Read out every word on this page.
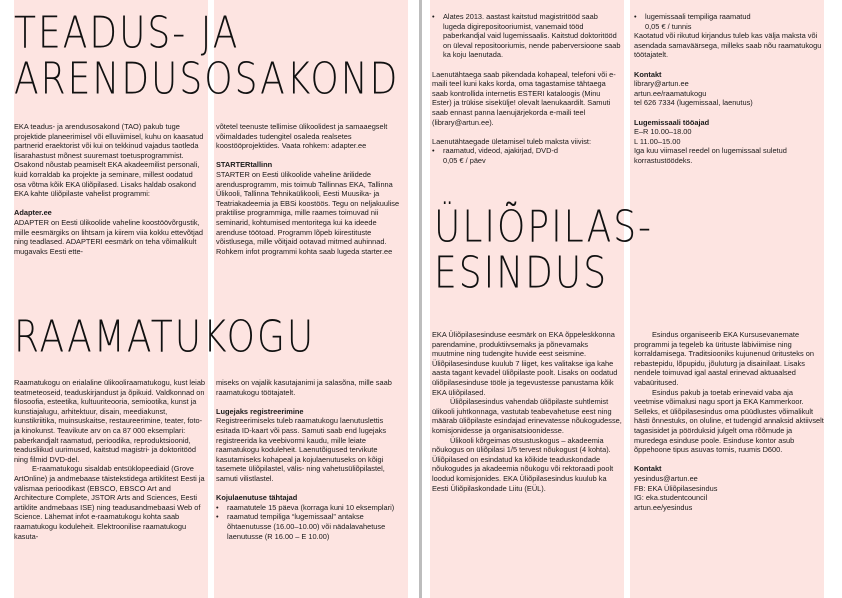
TEADUS- JA
ARENDUSOSAKOND

EKA teadus- ja arendusosakond (TAO) pakub tuge projektide planeerimisel või elluviimisel, kuhu on kaasatud partnerid eraektorist või kui on tekkinud vajadus taotleda lisarahastust mõnest suuremast toetusprogrammist. Osakond nõustab peamiselt EKA akadeemilist personali, kuid korraldab ka projekte ja seminare, millest oodatud osa võtma kõik EKA üliõpilased. Lisaks haldab osakond EKA kahte üliõpilaste vahelist programmi:

Adapter.ee

ADAPTER on Eesti ülikoolide vaheline koostöövõrgustik, mille eesmärgiks on lihtsam ja kiirem viia kokku ettevõtjad ning teadlased. ADAPTERI eesmärk on teha võimalikult mugavaks Eesti ette-

võtetel teenuste tellimise ülikoolidest ja samaaegselt võimaldades tudengitel osaleda realsetes koostööprojektides. Vaata rohkem: adapter.ee

STARTERtallinn

STARTER on Eesti ülikoolide vaheline ärilidede arendusprogramm, mis toimub Tallinnas EKA, Tallinna Ülikooli, Tallinna Tehnikaülikooli, Eesti Muusika- ja Teatriakadeemia ja EBSi koostöös. Tegu on neljakuulise praktilise programmiga, mille raames toimuvad nii seminarid, kohtumised mentoritega kui ka ideede arenduse töötoad. Programm lõpeb kiirestituste võistlusega, mille võitjaid ootavad mitmed auhinnad. Rohkem infot programmi kohta saab lugeda starter.ee

RAAMATUKOGU

Raamatukogu on erialaline ülikooliraamatukogu, kust leiab teatmeteoseid, teaduskirjandust ja õpikuid. Valdkonnad on filosoofia, esteetika, kultuuriteooria, semiootika, kunst ja kunstiajalugu, arhitektuur, disain, meediakunst, kunstikriitika, muinsuskaitse, restaureerimine, teater, foto- ja kinokunst. Teavikute arv on ca 87 000 eksemplari: paberkandjalt raamatud, perioodika, reproduktsioonid, teadusliikud uurimused, kaitstud magistri- ja doktoritööd ning filmid DVD-del.

E-raamatukogu sisaldab entsüklopeediaid (Grove ArtOnline) ja andmebaase täistekstidega artiklitest Eesti ja välismaa perioodikast (EBSCO, EBSCO Art and Architecture Complete, JSTOR Arts and Sciences, Eesti artiklite andmebaas ISE) ning teadusandmebaasi Web of Science. Lähemat infot e-raamatukogu kohta saab raamatukogu koduleheit. Elektroonilise raamatukogu kasuta-

miseks on vajalik kasutajanimi ja salasõna, mille saab raamatukogu töötajatelt.

Lugejaks registreerimine

Registreerimiseks tuleb raamatukogu laenutuslettis esitada ID-kaart või pass. Samuti saab end lugejaks registreerida ka veebivormi kaudu, mille leiate raamatukogu koduleheit. Laenutõigused tervikute kasutamiseks kohapeal ja kojulaenutuseks on kõigi tasemete üliõpilastel, välis- ning vahetusüliõpilastel, samuti vilistlastel.

Kojulaenutuse tähtajad

• raamatutele 15 päeva (korraga kuni 10 eksemplari)
• raamatud tempiliga “lugemissaal” antakse õhtaenutusse (16.00–10.00) või nädalavahetuse laenutusse (R 16.00 – E 10.00)
• Alates 2013. aastast kaitstud magistritööd saab lugeda digirepositooriumist, vanemaid tööd paberkandjal vaid lugemissaalis. Kaitstud doktoritööd on üleval repositooriumis, nende paberversioone saab ka koju laenutada.

Laenutähtaega saab pikendada kohapeal, telefoni või e-maili teel kuni kaks korda, oma tagastamise tähtaega saab kontrollida internetis ESTERI kataloogis (Minu Ester) ja trükise sisekülje! olevalt laenukaardilt. Samuti saab ennast panna laenujärjekorda e-maili teel (library@artun.ee).

Laenutähtaegade ületamisel tuleb maksta viivist:

• raamatud, videod, ajakirjad, DVD-d
0,05 € / päev
• lugemissaali tempiliga raamatud
0,05 € / tunnis

Kaotatud või rikutud kirjandus tuleb kas välja maksta või asendada samaväärsega, milleks saab nõu raamatukogu töötajatelt.

Kontakt

library@artun.ee

artun.ee/raamatukogu

tel 626 7334 (lugemissaal, laenutus)

Lugemissaali tööajad

E–R 10.00–18.00

L 11.00–15.00

Iga kuu viimasel reedel on lugemissaal suletud korrastustöödeks.

ÜLIÕPILAS-
ESINDUS

EKA Üliõpilasesinduse eesmärk on EKA õppeleskkonna parendamine, produktiivsemaks ja põnevamaks muutmine ning tudengite huvide eest seismine. Üliõpilasesinduse kuulub 7 liiget, kes valitakse iga kahe aasta tagant kevadel üliõpilaste poolt. Lisaks on oodatud üliõpilasesinduse tööle ja tegevustesse panustama kõik EKA üliõpilased.

Üliõpilasesindus vahendab üliõpilaste suhtlemist ülikooli juhtkonnaga, vastutab teabevahetuse eest ning määrab üliõpilaste esindajad erinevatesse nõukogudesse, komisjonidesse ja organisatsioonidesse.

Ülikooli kõrgeimas otsustuskogus – akadeemia nõukogus on üliõpilasi 1/5 tervest nõukogust (4 kohta). Üliõpilased on esindatud ka kõikide teaduskondade nõukogudes ja akadeemia nõukogu või rektoraadi poolt loodud komisjonides. EKA Üliõpilasesindus kuulub ka Eesti Üliõpilaskondade Liitu (EÜL).

Esindus organiseerib EKA Kursusevanemate programmi ja tegeleb ka ürituste läbiviimise ning korraldamisega. Traditsiooniks kujunenud üritusteks on rebastepidu, lõpupidu, jõuluturg ja disainilaat. Lisaks nendele toimuvad igal aastal erinevad aktuaalsed vabaüritused.

Esindus pakub ja toetab erinevaid vaba aja veetmise võimalusi nagu sport ja EKA Kammerkoor. Selleks, et üliõpilasesindus oma püüdlustes võimalikult hästi õnnestuks, on oluline, et tudengid annaksid aktiivselt tagasisidet ja pöörduksid julgelt oma rõõmude ja muredega esinduse poole. Esinduse kontor asub õppehoone tipus asuvas tornis, ruumis D600.

Kontakt

yesindus@artun.ee

FB: EKA Üliõpilasesindus

IG: eka.studentcouncil

artun.ee/yesindus
